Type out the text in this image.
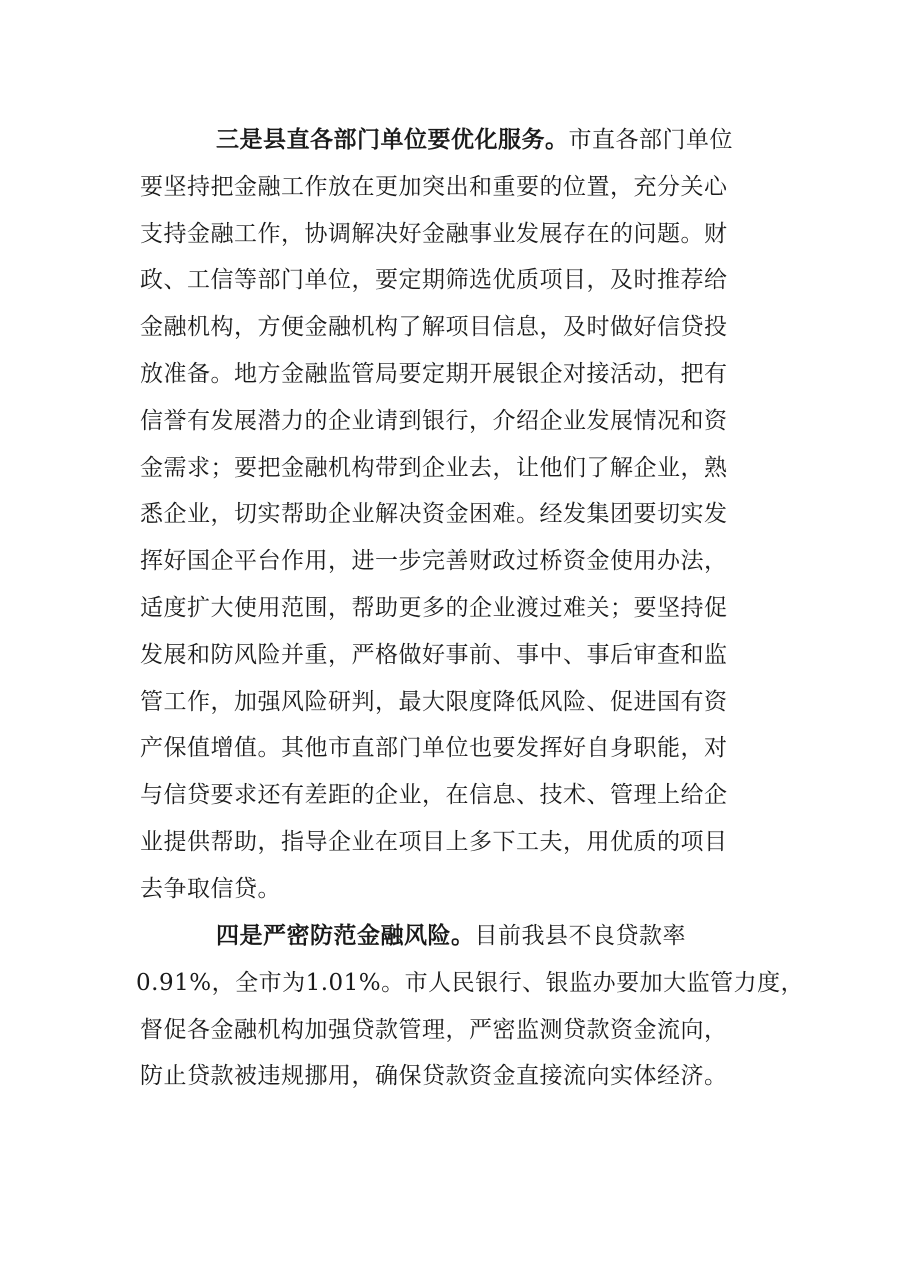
三是县直各部门单位要优化服务。市直各部门单位
要坚持把金融工作放在更加突出和重要的位置，充分关心
支持金融工作，协调解决好金融事业发展存在的问题。财
政、工信等部门单位，要定期筛选优质项目，及时推荐给
金融机构，方便金融机构了解项目信息，及时做好信贷投
放准备。地方金融监管局要定期开展银企对接活动，把有
信誉有发展潜力的企业请到银行，介绍企业发展情况和资
金需求；要把金融机构带到企业去，让他们了解企业，熟
悉企业，切实帮助企业解决资金困难。经发集团要切实发
挥好国企平台作用，进一步完善财政过桥资金使用办法，
适度扩大使用范围，帮助更多的企业渡过难关；要坚持促
发展和防风险并重，严格做好事前、事中、事后审查和监
管工作，加强风险研判，最大限度降低风险、促进国有资
产保值增值。其他市直部门单位也要发挥好自身职能，对
与信贷要求还有差距的企业，在信息、技术、管理上给企
业提供帮助，指导企业在项目上多下工夫，用优质的项目
去争取信贷。
四是严密防范金融风险。目前我县不良贷款率
0.91%，全市为1.01%。市人民银行、银监办要加大监管力度，
督促各金融机构加强贷款管理，严密监测贷款资金流向，
防止贷款被违规挪用，确保贷款资金直接流向实体经济。
